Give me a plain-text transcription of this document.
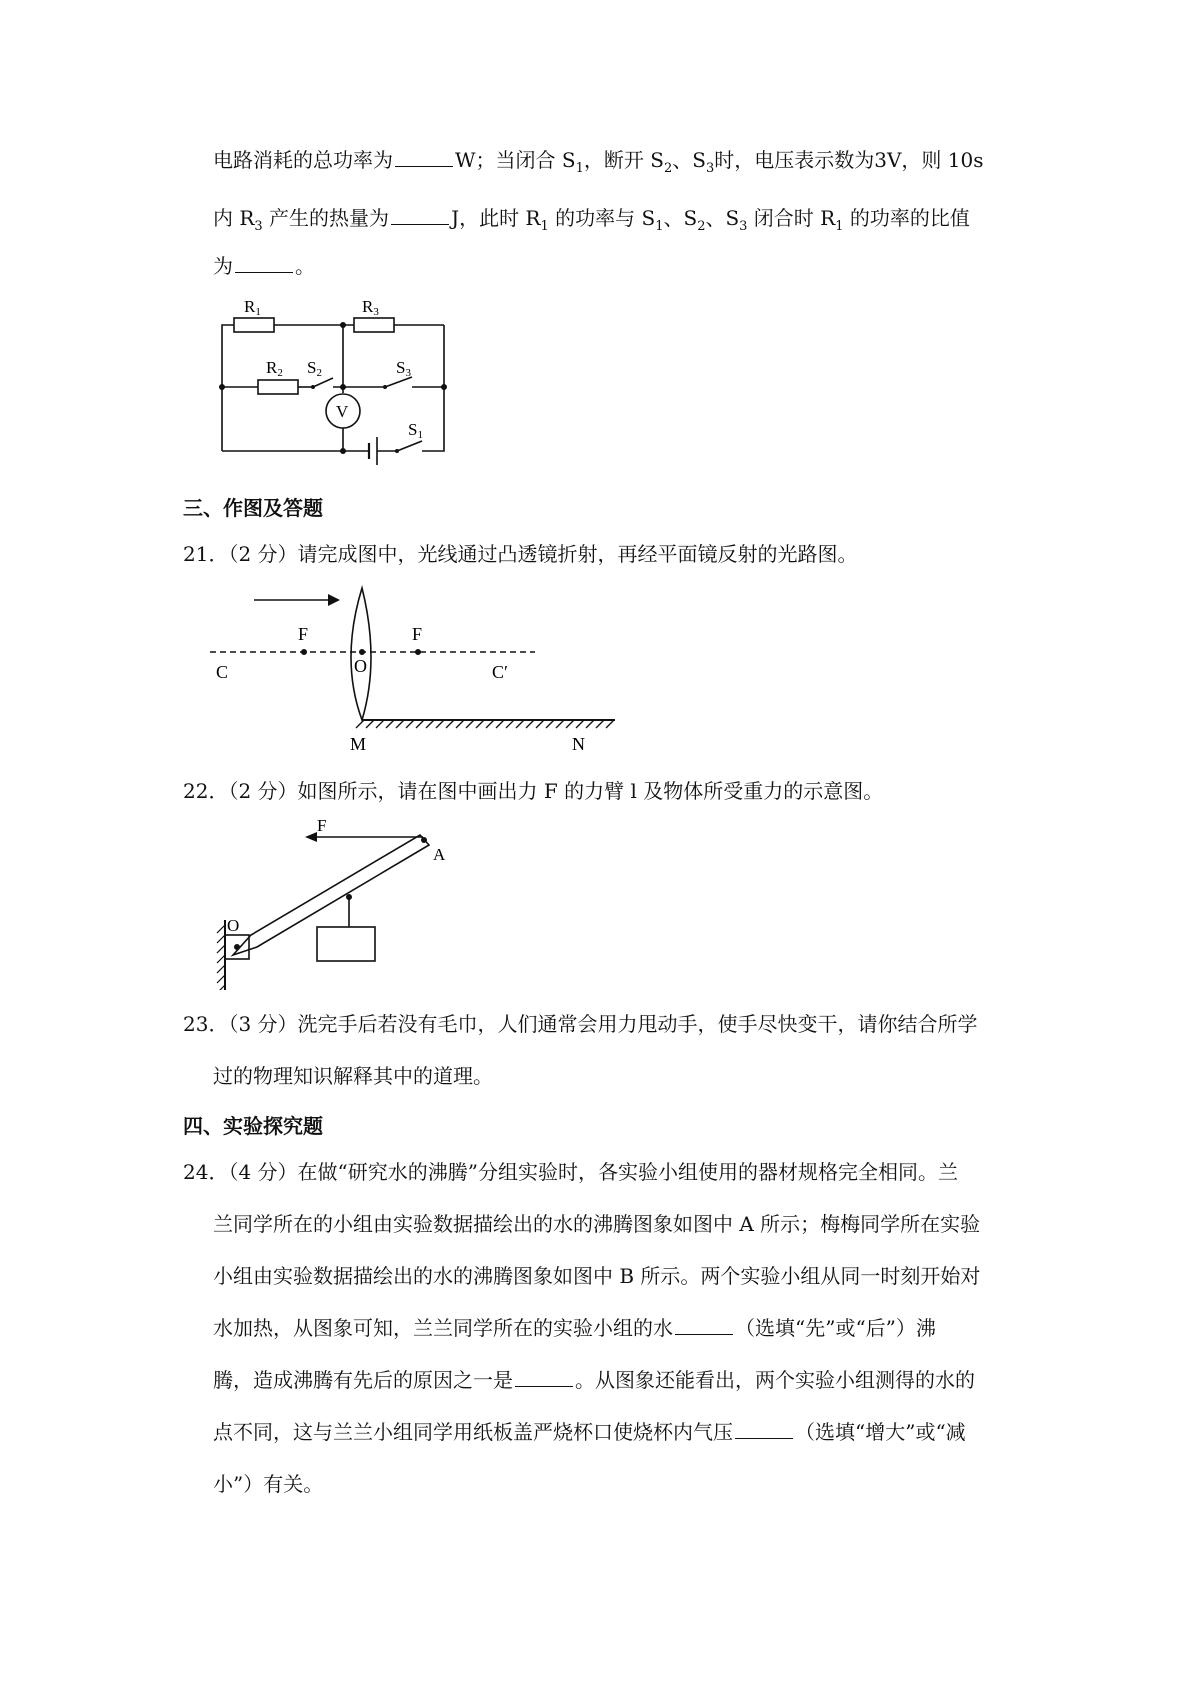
电路消耗的总功率为	W；当闭合 $S_1$，断开 $S_2$、$S_3$时，电压表示数为3V，则 10s
内 $R_3$ 产生的热量为	J，此时 $R_1$ 的功率与 $S_1$、$S_2$、$S_3$ 闭合时 $R_1$ 的功率的比值
为	。
R1	R3
R2 S2	S3
S1
V
三、作图及答题
21．（2 分）请完成图中，光线通过凸透镜折射，再经平面镜反射的光路图。
F	F
O
C	C′
M	N
22．（2 分）如图所示，请在图中画出力 F 的力臂 l 及物体所受重力的示意图。
F
A
O
23．（3 分）洗完手后若没有毛巾，人们通常会用力甩动手，使手尽快变干，请你结合所学
过的物理知识解释其中的道理。
四、实验探究题
24．（4 分）在做“研究水的沸腾”分组实验时，各实验小组使用的器材规格完全相同。兰
兰同学所在的小组由实验数据描绘出的水的沸腾图象如图中 A 所示；梅梅同学所在实验
小组由实验数据描绘出的水的沸腾图象如图中 B 所示。两个实验小组从同一时刻开始对
水加热，从图象可知，兰兰同学所在的实验小组的水	（选填“先”或“后”）沸
腾，造成沸腾有先后的原因之一是	。从图象还能看出，两个实验小组测得的水的
点不同，这与兰兰小组同学用纸板盖严烧杯口使烧杯内气压	（选填“增大”或“减
小”）有关。
